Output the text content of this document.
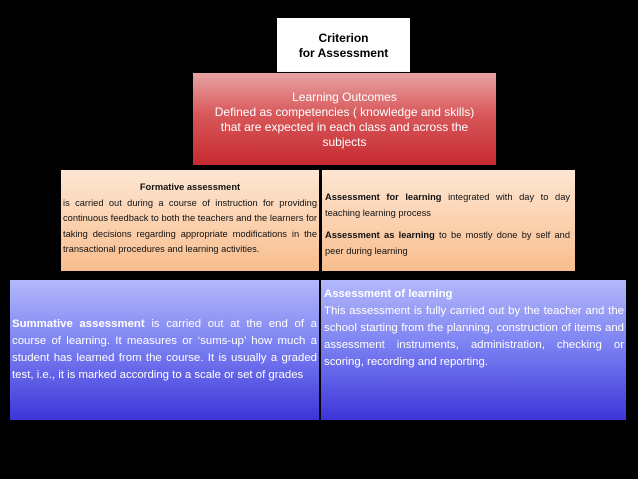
Criterion
for Assessment
Learning Outcomes
Defined as competencies ( knowledge and skills)
that are expected in each class and across the
subjects
Formative assessment
is carried out during a course of instruction for providing continuous feedback to both the teachers and the learners for taking decisions regarding appropriate modifications in the transactional procedures and learning activities.

Assessment for learning integrated with day to day teaching learning process

Assessment as learning to be mostly done by self and peer during learning

Summative assessment is carried out at the end of a course of learning. It measures or ‘sums-up’ how much a student has learned from the course. It is usually a graded test, i.e., it is marked according to a scale or set of grades
Assessment of learning
This assessment is fully carried out by the teacher and the school starting from the planning, construction of items and assessment instruments, administration, checking or scoring, recording and reporting.
